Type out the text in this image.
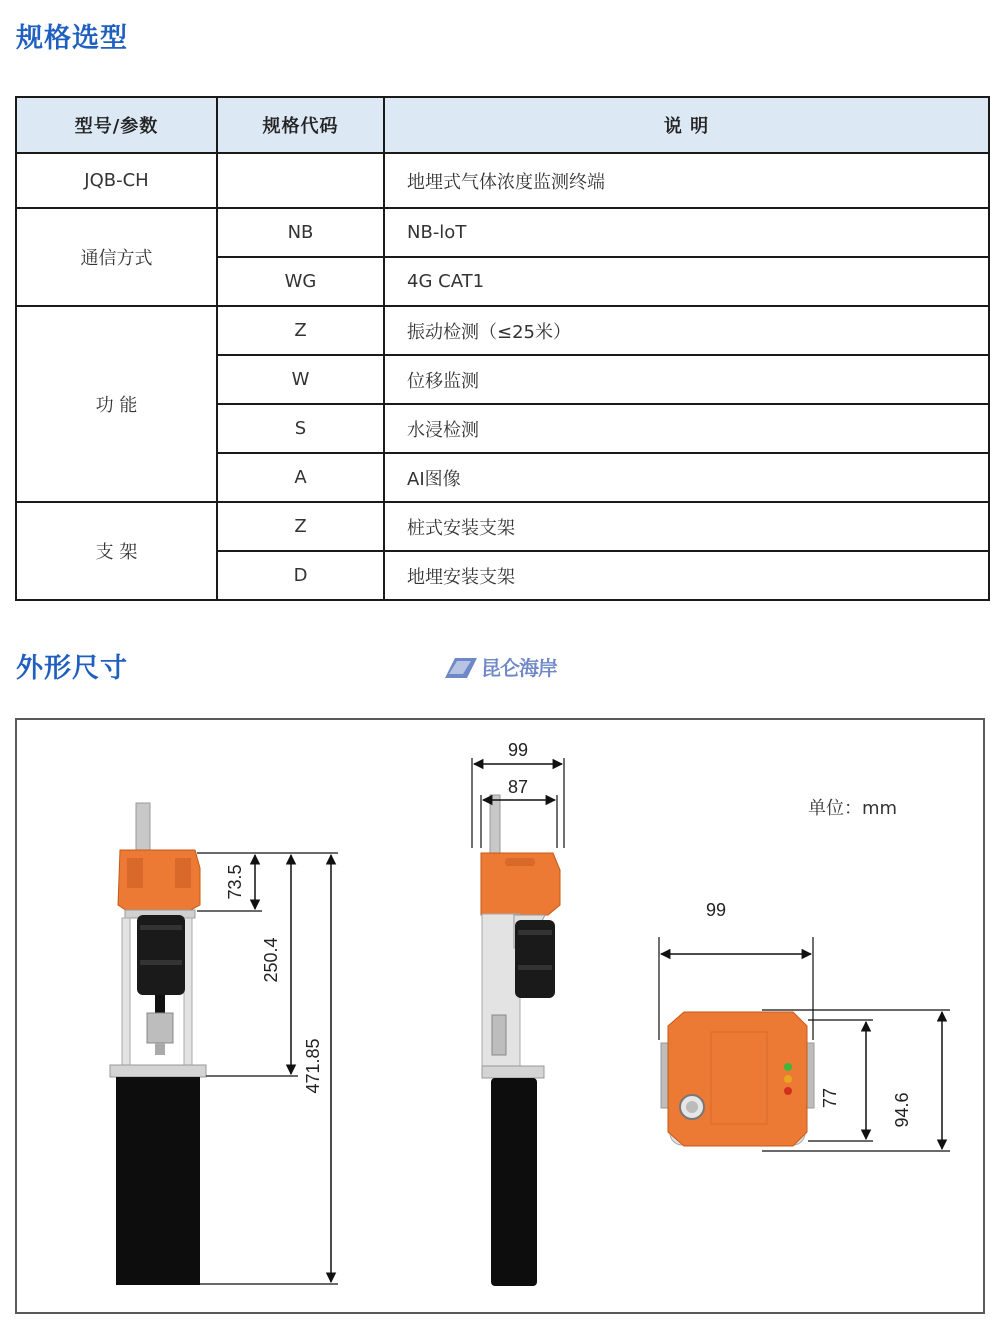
规格选型
型号/参数	规格代码	说 明
JQB-CH		地埋式气体浓度监测终端
通信方式	NB	NB-loT
	WG	4G CAT1
功 能	Z	振动检测（≤25米）
	W	位移监测
	S	水浸检测
	A	AI图像
支 架	Z	桩式安装支架
	D	地埋安装支架
外形尺寸	昆仑海岸
单位：mm
73.5
250.4
471.85
99
87
99
77	94.6
